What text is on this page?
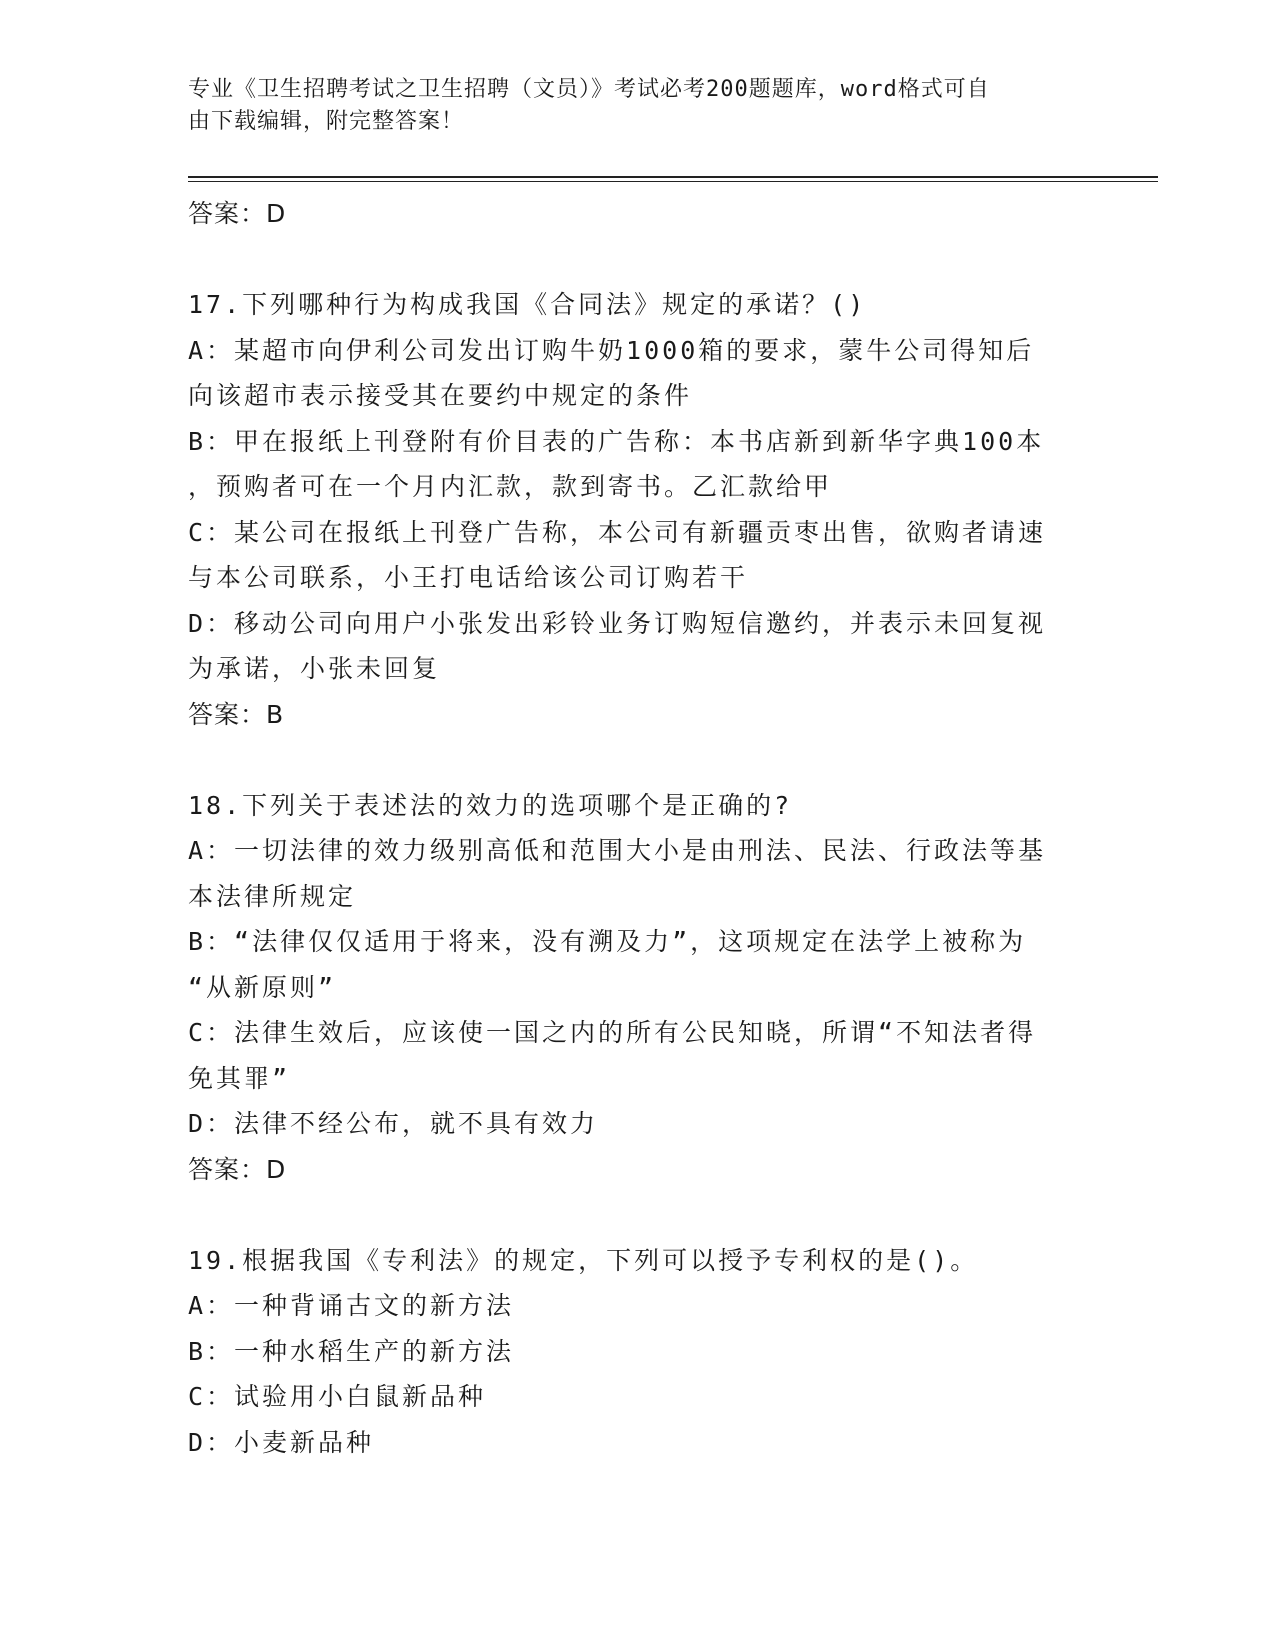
专业《卫生招聘考试之卫生招聘（文员）》考试必考200题题库，word格式可自
由下载编辑，附完整答案！
答案：D
17.下列哪种行为构成我国《合同法》规定的承诺？()
A：某超市向伊利公司发出订购牛奶1000箱的要求，蒙牛公司得知后
向该超市表示接受其在要约中规定的条件
B：甲在报纸上刊登附有价目表的广告称：本书店新到新华字典100本
，预购者可在一个月内汇款，款到寄书。乙汇款给甲
C：某公司在报纸上刊登广告称，本公司有新疆贡枣出售，欲购者请速
与本公司联系，小王打电话给该公司订购若干
D：移动公司向用户小张发出彩铃业务订购短信邀约，并表示未回复视
为承诺，小张未回复
答案：B
18.下列关于表述法的效力的选项哪个是正确的?
A：一切法律的效力级别高低和范围大小是由刑法、民法、行政法等基
本法律所规定
B：“法律仅仅适用于将来，没有溯及力”，这项规定在法学上被称为
“从新原则”
C：法律生效后，应该使一国之内的所有公民知晓，所谓“不知法者得
免其罪”
D：法律不经公布，就不具有效力
答案：D
19.根据我国《专利法》的规定，下列可以授予专利权的是()。
A：一种背诵古文的新方法
B：一种水稻生产的新方法
C：试验用小白鼠新品种
D：小麦新品种
